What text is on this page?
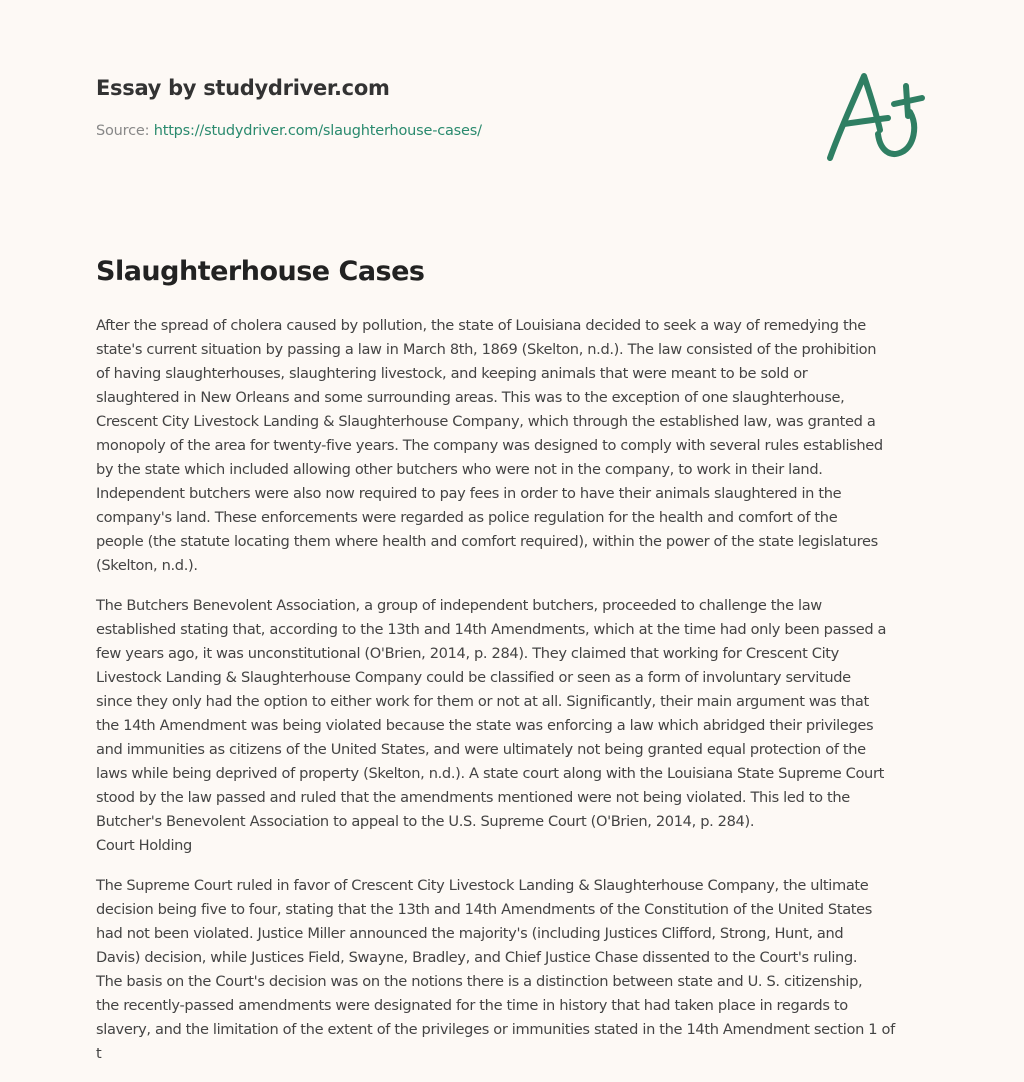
Essay by studydriver.com
Source: https://studydriver.com/slaughterhouse-cases/
Slaughterhouse Cases
After the spread of cholera caused by pollution, the state of Louisiana decided to seek a way of remedying the
state's current situation by passing a law in March 8th, 1869 (Skelton, n.d.). The law consisted of the prohibition
of having slaughterhouses, slaughtering livestock, and keeping animals that were meant to be sold or
slaughtered in New Orleans and some surrounding areas. This was to the exception of one slaughterhouse,
Crescent City Livestock Landing & Slaughterhouse Company, which through the established law, was granted a
monopoly of the area for twenty-five years. The company was designed to comply with several rules established
by the state which included allowing other butchers who were not in the company, to work in their land.
Independent butchers were also now required to pay fees in order to have their animals slaughtered in the
company's land. These enforcements were regarded as police regulation for the health and comfort of the
people (the statute locating them where health and comfort required), within the power of the state legislatures
(Skelton, n.d.).
The Butchers Benevolent Association, a group of independent butchers, proceeded to challenge the law
established stating that, according to the 13th and 14th Amendments, which at the time had only been passed a
few years ago, it was unconstitutional (O'Brien, 2014, p. 284). They claimed that working for Crescent City
Livestock Landing & Slaughterhouse Company could be classified or seen as a form of involuntary servitude
since they only had the option to either work for them or not at all. Significantly, their main argument was that
the 14th Amendment was being violated because the state was enforcing a law which abridged their privileges
and immunities as citizens of the United States, and were ultimately not being granted equal protection of the
laws while being deprived of property (Skelton, n.d.). A state court along with the Louisiana State Supreme Court
stood by the law passed and ruled that the amendments mentioned were not being violated. This led to the
Butcher's Benevolent Association to appeal to the U.S. Supreme Court (O'Brien, 2014, p. 284).
Court Holding
The Supreme Court ruled in favor of Crescent City Livestock Landing & Slaughterhouse Company, the ultimate
decision being five to four, stating that the 13th and 14th Amendments of the Constitution of the United States
had not been violated. Justice Miller announced the majority's (including Justices Clifford, Strong, Hunt, and
Davis) decision, while Justices Field, Swayne, Bradley, and Chief Justice Chase dissented to the Court's ruling.
The basis on the Court's decision was on the notions there is a distinction between state and U. S. citizenship,
the recently-passed amendments were designated for the time in history that had taken place in regards to
slavery, and the limitation of the extent of the privileges or immunities stated in the 14th Amendment section 1 of
t
